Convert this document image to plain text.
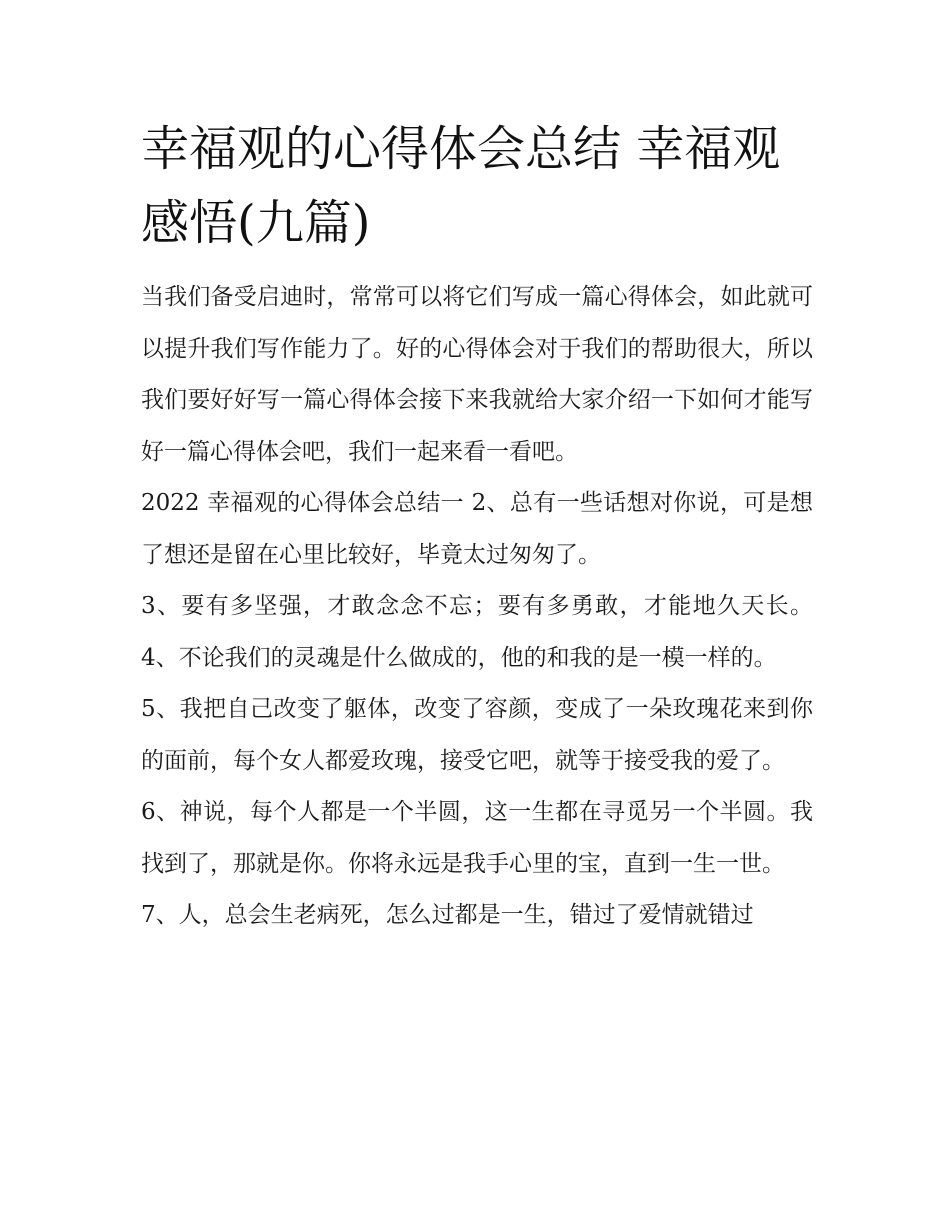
幸福观的心得体会总结 幸福观感悟(九篇)

当我们备受启迪时，常常可以将它们写成一篇心得体会，如此就可以提升我们写作能力了。好的心得体会对于我们的帮助很大，所以我们要好好写一篇心得体会接下来我就给大家介绍一下如何才能写好一篇心得体会吧，我们一起来看一看吧。

2022 幸福观的心得体会总结一 2、总有一些话想对你说，可是想了想还是留在心里比较好，毕竟太过匆匆了。

3、要有多坚强，才敢念念不忘；要有多勇敢，才能地久天长。 4、不论我们的灵魂是什么做成的，他的和我的是一模一样的。

5、我把自己改变了躯体，改变了容颜，变成了一朵玫瑰花来到你的面前，每个女人都爱玫瑰，接受它吧，就等于接受我的爱了。

6、神说，每个人都是一个半圆，这一生都在寻觅另一个半圆。我找到了，那就是你。你将永远是我手心里的宝，直到一生一世。

7、人，总会生老病死，怎么过都是一生，错过了爱情就错过
